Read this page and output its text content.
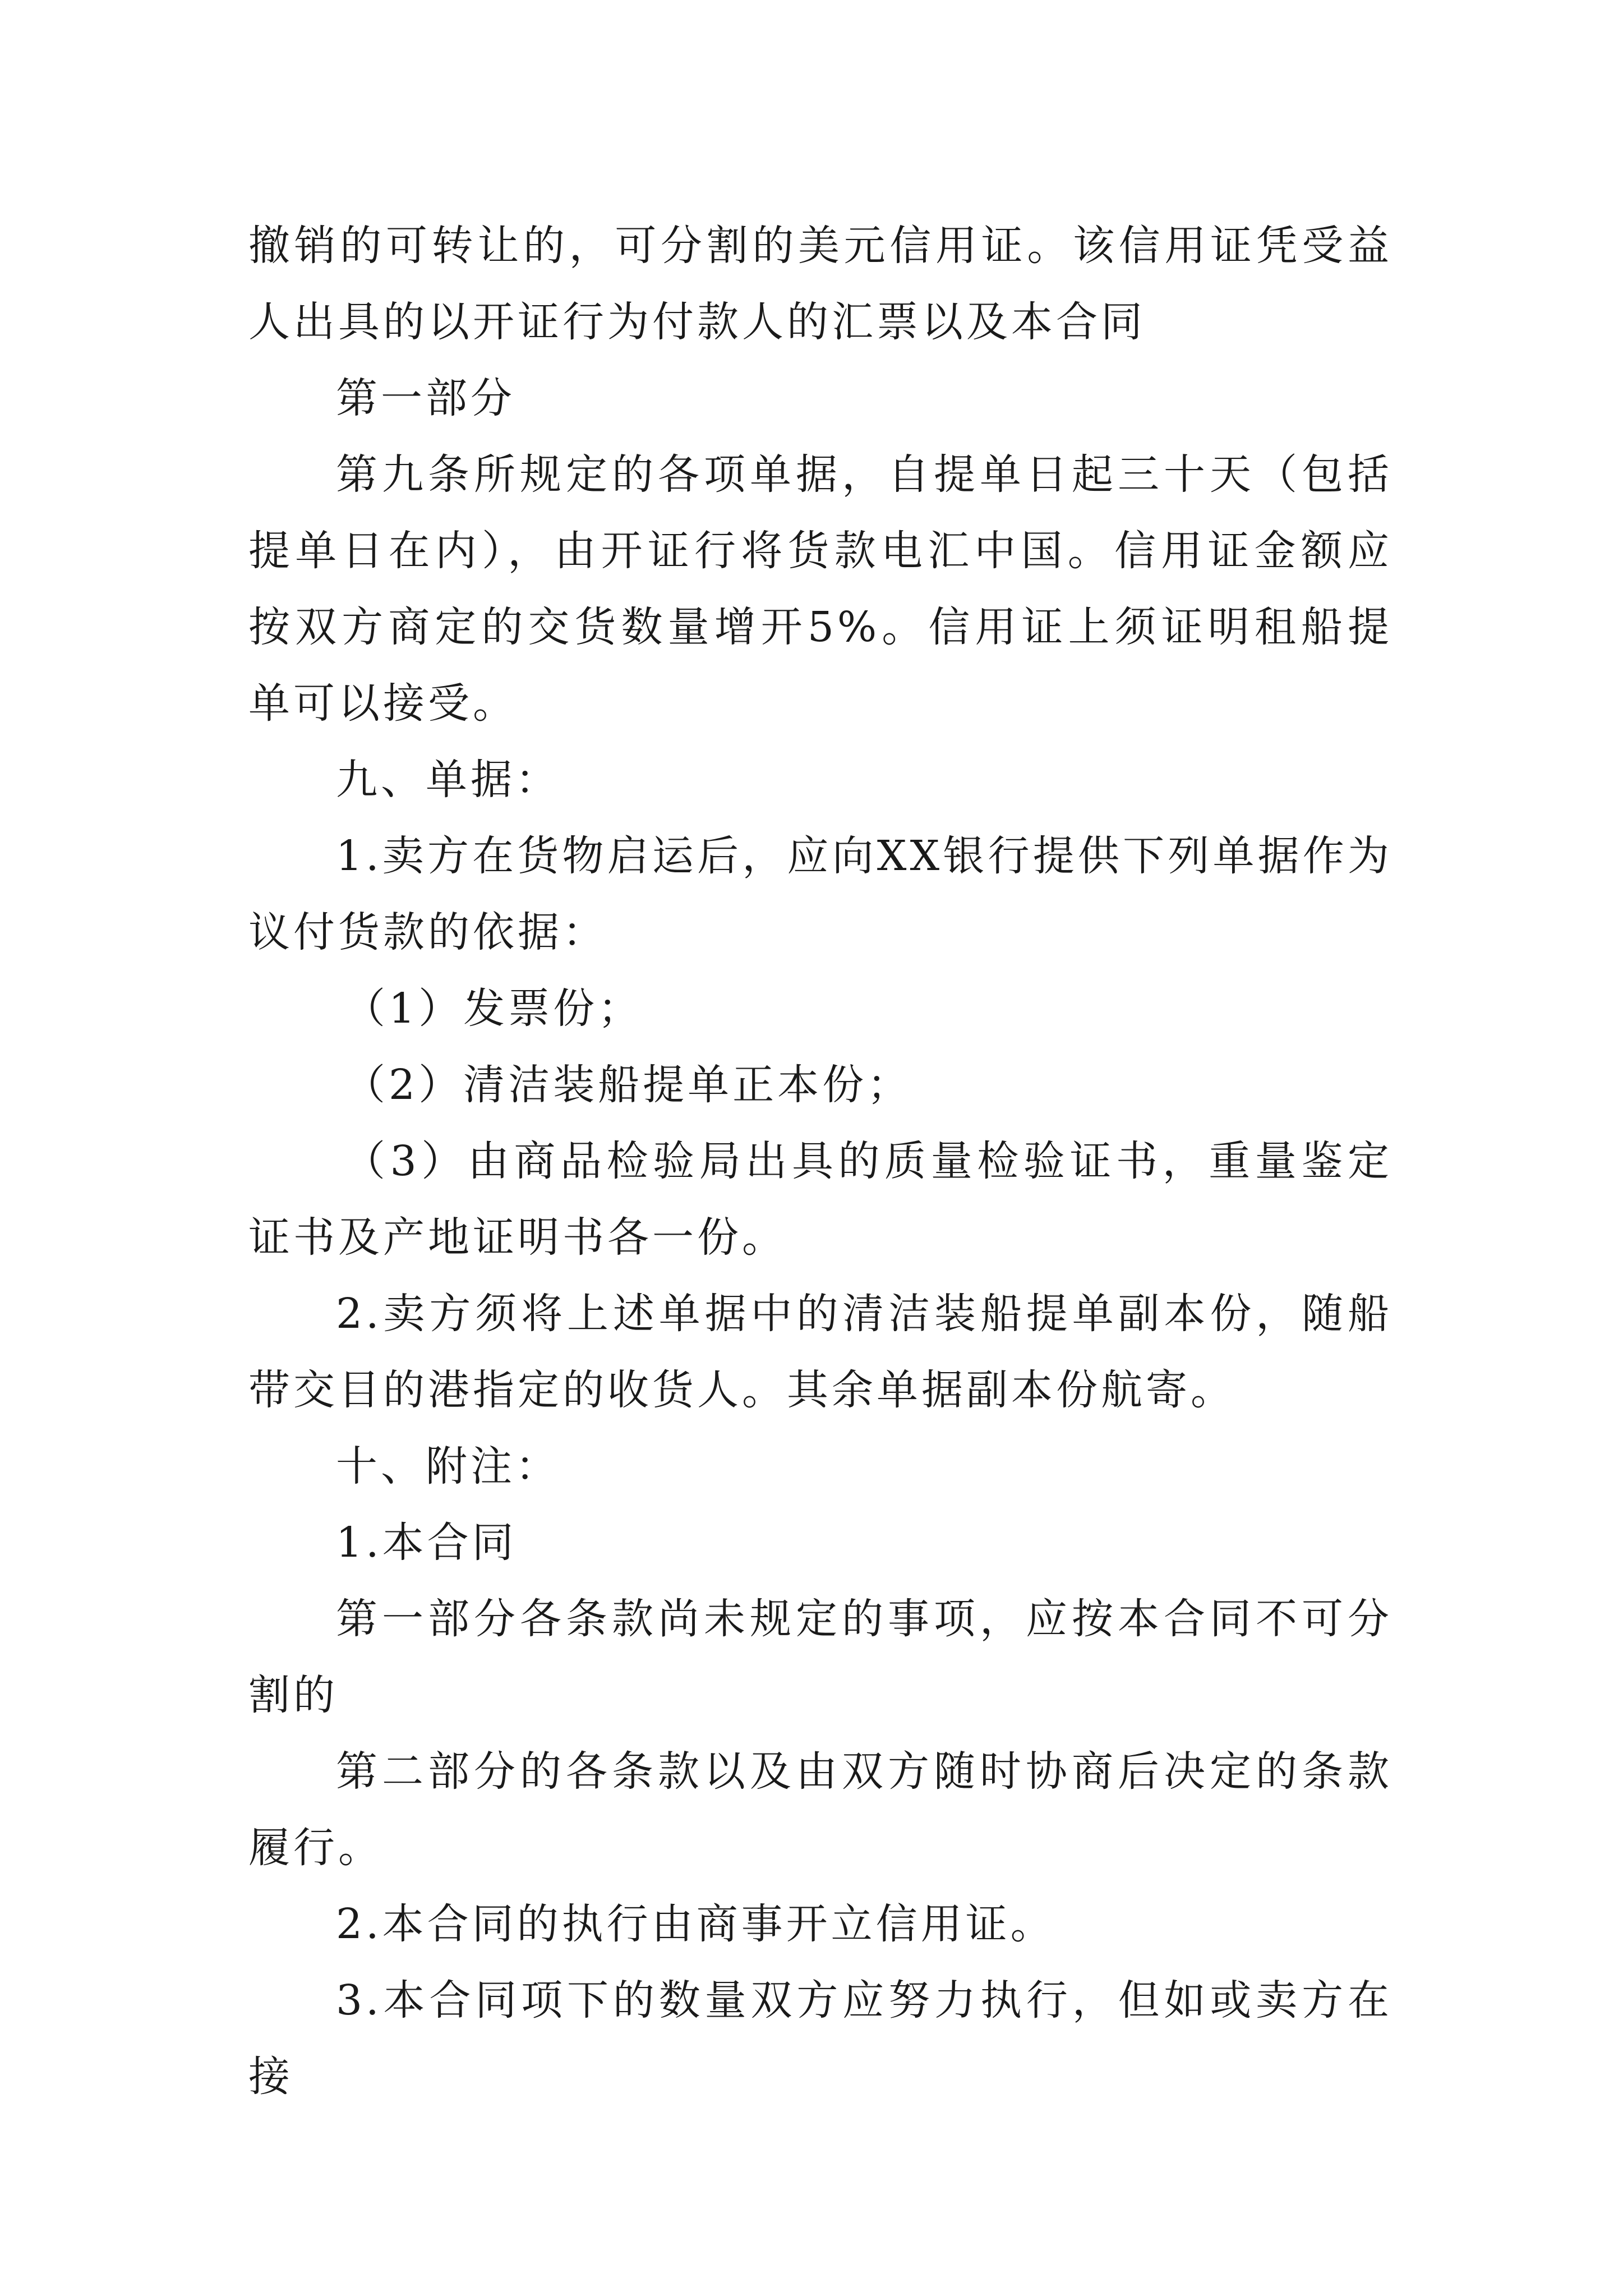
撤销的可转让的，可分割的美元信用证。该信用证凭受益人出具的以开证行为付款人的汇票以及本合同

第一部分

第九条所规定的各项单据，自提单日起三十天（包括提单日在内），由开证行将货款电汇中国。信用证金额应按双方商定的交货数量增开5%。信用证上须证明租船提单可以接受。

九、单据：

1.卖方在货物启运后，应向XX银行提供下列单据作为议付货款的依据：

（1）发票份；

（2）清洁装船提单正本份；

（3）由商品检验局出具的质量检验证书，重量鉴定证书及产地证明书各一份。

2.卖方须将上述单据中的清洁装船提单副本份，随船带交目的港指定的收货人。其余单据副本份航寄。

十、附注：

1.本合同

第一部分各条款尚未规定的事项，应按本合同不可分割的

第二部分的各条款以及由双方随时协商后决定的条款履行。

2.本合同的执行由商事开立信用证。

3.本合同项下的数量双方应努力执行，但如或卖方在接
